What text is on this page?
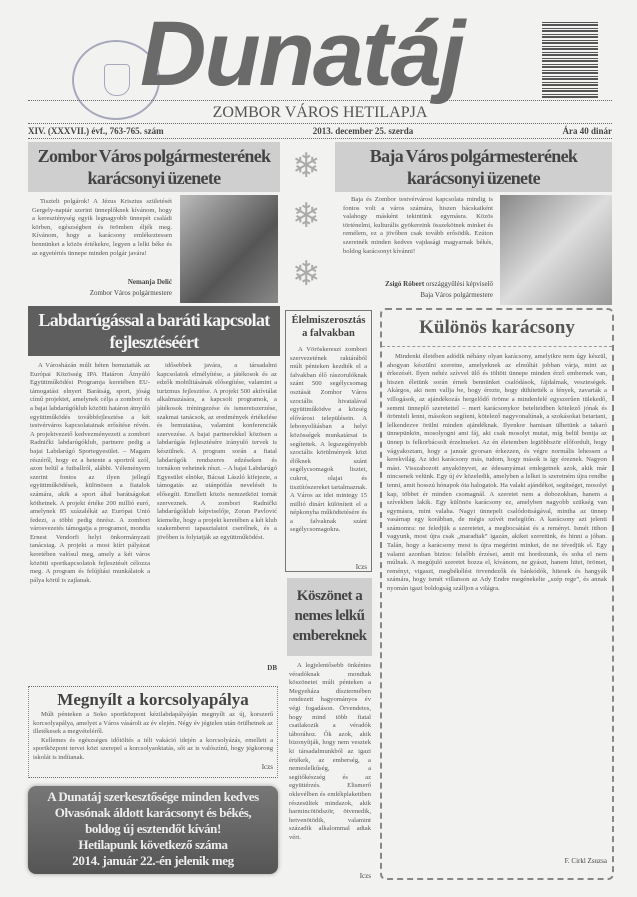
Dunatáj
ZOMBOR VÁROS HETILAPJA
XIV. (XXXVII.) évf., 763-765. szám	2013. december 25. szerda	Ára 40 dinár
Zombor Város polgármesterének karácsonyi üzenete

Tisztelt polgárok! A Jézus Krisztus születését Gergely-naptár szerint ünneplőknek kívánom, hogy a kereszténység egyik legnagyobb ünnepét családi körben, egészségben és örömben éljék meg. Kívánom, hogy a karácsony emlékeztessen bennünket a közös értékekre, legyen a lelki béke és az egyetértés ünnepe minden polgár javára!

Nemanja Delić
Zombor Város polgármestere
❄
❄
❄
Baja Város polgármesterének karácsonyi üzenete

Baja és Zombor testvérvárosi kapcsolata mindig is fontos volt a város számára, hiszen bácskaiként valahogy másként tekintünk egymásra. Közös történelmi, kulturális gyökereink összekötnek minket és remélem, ez a jövőben csak tovább erősödik. Ezúton szeretnék minden kedves vajdasági magyarnak békés, boldog karácsonyt kívánni!

Zsigó Róbert országgyűlési képviselő
Baja Város polgármestere
Labdarúgással a baráti kapcsolat fejlesztéséért

A Városházán múlt héten bemutatták az Európai Közösség IPA Határon Átnyúló Együttműködési Programja keretében EU-támogatást elnyert Barátság, sport, jóság című projektet, amelynek célja a zombori és a bajai labdarúgóklub közötti határon átnyúló együttműködés továbbfejlesztése a két testvérváros kapcsolatainak erősítése révén. A projektvezető kedvezményezett a zombori Radnički labdarúgóklub, partnere pedig a bajai Labdarúgó Sportegyesület. – Magam részéről, hogy ez a hetente a sportról szól, azon belül a futballról, alábbi. Véleményem szerint fontos az ilyen jellegű együttműködések, különösen a fiatalok számára, akik a sport által barátságokat köthetnek. A projekt értéke 200 millió euró, amelynek 85 százalékát az Európai Unió fedezi, a többi pedig önrész. A zombori városvezetés támogatja a programot, mondta Ernest Vendorfi helyi önkormányzati tanácstag. A projekt a most kiírt pályázat keretében valósul meg, amely a két város közötti sportkapcsolatok fejlesztését célozza meg. A program és felújítási munkálatok a pálya körül is zajlanak.

idősebbek javára, a társadalmi kapcsolatok elmélyítése, a játékosok és az edzők mobilitásának elősegítése, valamint a turizmus fejlesztése. A projekt 500 aktívtálat alkalmazására, a kapcsolt programok, a játékosok tréningezése és ismeretszerzése, szakmai tanácsok, az eredmények értékelése és bemutatása, valamint konferenciák szervezése. A bajai partnerekkel közösen a labdarúgás fejlesztésére irányuló tervek is készülnek. A program során a fiatal labdarúgók rendszeres edzéseken és tornákon vehetnek részt. – A bajai Labdarúgó Egyesület elnöke, Bácsai László kifejezte, a támogatás az utánpótlás nevelését is elősegíti. Emellett közös nemzetközi tornát szerveznek. A zombori Radnički labdarúgóklub képviselője, Zoran Pavlović kiemelte, hogy a projekt keretében a két klub szakemberei tapasztalatot cserélnek, és a jövőben is folytatják az együttműködést.

DB
Élelmiszerosztás a falvakban

A Vöröskereszt zombori szervezetének raktárából múlt pénteken kezdték el a falvakban élő rászorulóknak szánt 500 segélycsomag osztását Zombor Város szociális hivatalával együttműködve a község elővárosi településein. A lebonyolításban a helyi közösségek munkatársai is segítettek. A legszegényebb szociális körülmények közt élőknek szánt segélycsomagok lisztet, cukrot, olajat és tisztítószereket tartalmaznak. A Város az idei mintegy 15 millió dinárt különített el a népkonyha működtetésére és a falvaknak szánt segélycsomagokra.

Iczs
Köszönet a nemes lelkű embereknek

A legjelentősebb önkéntes véradóknak mondtak köszönetet múlt pénteken a Megyeháza dísztermében rendezett hagyományos év végi fogadáson. Örvendetes, hogy mind több fiatal csatlakozik a véradók táborához. Ők azok, akik bizonyítják, hogy nem vesztek ki társadalmunkból az igazi értékek, az emberség, a nemeslelkűség, a segítőkészség és az együttérzés. Elismerő oklevélben és emlékplakettben részesültek mindazok, akik harmincötödször, ötvenedik, hetvenötödik, valamint századik alkalommal adtak vért.

Iczs
Különös karácsony

Mindenki életében adódik néhány olyan karácsony, amelyikre nem úgy készül, ahogyan készülni szeretne, amelyeknek az elmúltát jobban várja, mint az érkezését. Ilyen nehéz szívvel ülő és töltött ünnepe minden érző embernek van, hiszen életünk során érnek bennünket csalódások, fájdalmak, veszteségek. Akárgos, aki nem vallja be, hogy érezte, hogy dühítették a fények, zavarták a villogások, az ajándékozás hergelődő öröme a mindenfelé egyszerűen tülekedő, semmi ünneplő szeretettel – mert karácsonykor betelteidben kötelező jónak és örömteli lenni, másokon segíteni, kötelező nagyvonalúnak, a szokásokat betartani, lelkendezve örülni minden ajándéknak. Ilyenkor hamisan ülhetünk a takaró ünnepünkön, mosolyogni ami fáj, aki csak mosolyt mutat, míg belül bontja az ünnep is felkorbácsolt érzelmeket. Az én életemben legtöbbször előfordult, hogy vágyakoztam, hogy a január gyorsan érkezzen, és végre normális lehessen a kerekvilág. Az idei karácsony más, tudom, hogy mások is így éreznek. Nagyon mást. Visszahozott anyakönyvet, az édesanyámat emlegetnek azok, akik már nincsenek velünk. Egy új év közeledik, amelyben a lelket is szeretném újra rendbe tenni, amit hosszú hónapok óta halogatok. Ha valaki ajándékot, segítséget, mosolyt kap, többet ér minden csomagnál. A szeretet nem a dobozokban, hanem a szívekben lakik. Egy különös karácsony ez, amelyben nagyobb szükség van egymásra, mint valaha. Nagyi ünnepelt csalódottságával, mintha az ünnep vasárnap egy korábban, de mégis szívét melegítőn. A karácsony azt jelenti számomra: ne feledjük a szeretetet, a megbocsátást és a reményt. Ismét itthon vagyunk, most újra csak „maradtak” igazán, akiket szeretünk, és hinni a jóban. Talán, hogy a karácsony most is újra megérint minket, de ne tévedjük el. Egy valami azonban biztos: felsőbb érzései, amit mi hordozunk, és soha el nem múlnak. A megújuló szeretet hozza el, kívánom, ne gyászt, hanem hitet, örömet, reményt, vigaszt, megbékélést örvendezők és bánkódók, hitesek és hangyák számára, hogy ismét villanson az Ady Endre megénekelte „szép rege”, és annak nyomán igazi boldogság szálljon a világra.

F. Cirkl Zsuzsa
Megnyílt a korcsolyapálya

Múlt pénteken a Soko sportközpont kézilabdapályáján megnyílt az új, korszerű korcsolyapálya, amelyet a Város vásárolt az év elején. Négy év jégtelen után örülhetnek az illetékesek a megvételéről.

Kellemes és egészséges időtöltés a téli vakáció idején a korcsolyázás, emellett a sportközpont tervei közt szerepel a korcsolyaoktatás, sőt az is valószínű, hogy jégkorong iskolát is indítanak.

Iczs
A Dunatáj szerkesztősége minden kedves
Olvasónak áldott karácsonyt és békés,
boldog új esztendőt kíván!
Hetilapunk következő száma
2014. január 22.-én jelenik meg
